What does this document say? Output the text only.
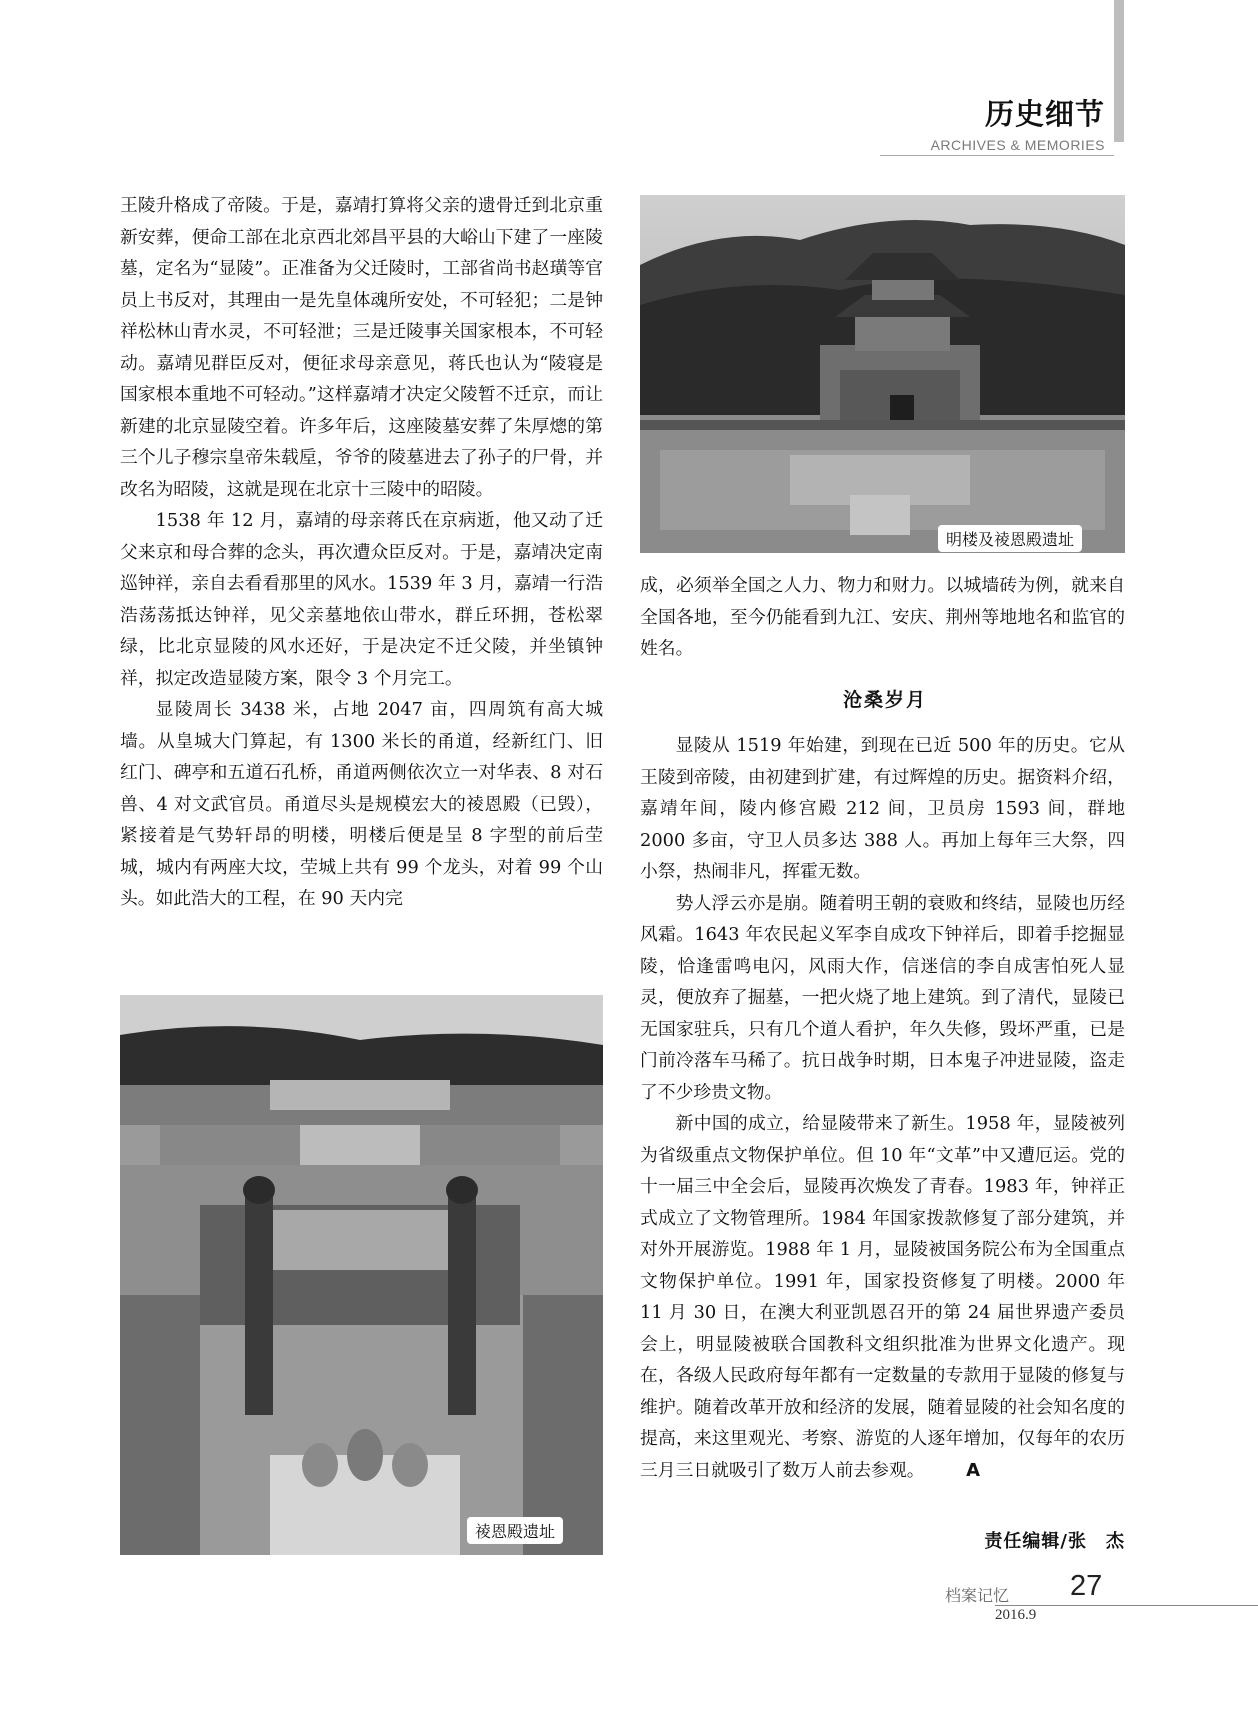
历史细节
ARCHIVES & MEMORIES

王陵升格成了帝陵。于是，嘉靖打算将父亲的遗骨迁到北京重新安葬，便命工部在北京西北郊昌平县的大峪山下建了一座陵墓，定名为“显陵”。正准备为父迁陵时，工部省尚书赵璜等官员上书反对，其理由一是先皇体魂所安处，不可轻犯；二是钟祥松林山青水灵，不可轻泄；三是迁陵事关国家根本，不可轻动。嘉靖见群臣反对，便征求母亲意见，蒋氏也认为“陵寝是国家根本重地不可轻动。”这样嘉靖才决定父陵暂不迁京，而让新建的北京显陵空着。许多年后，这座陵墓安葬了朱厚熜的第三个儿子穆宗皇帝朱载垕，爷爷的陵墓进去了孙子的尸骨，并改名为昭陵，这就是现在北京十三陵中的昭陵。

1538 年 12 月，嘉靖的母亲蒋氏在京病逝，他又动了迁父来京和母合葬的念头，再次遭众臣反对。于是，嘉靖决定南巡钟祥，亲自去看看那里的风水。1539 年 3 月，嘉靖一行浩浩荡荡抵达钟祥，见父亲墓地依山带水，群丘环拥，苍松翠绿，比北京显陵的风水还好，于是决定不迁父陵，并坐镇钟祥，拟定改造显陵方案，限令 3 个月完工。

显陵周长 3438 米，占地 2047 亩，四周筑有高大城墙。从皇城大门算起，有 1300 米长的甬道，经新红门、旧红门、碑亭和五道石孔桥，甬道两侧依次立一对华表、8 对石兽、4 对文武官员。甬道尽头是规模宏大的祾恩殿（已毁），紧接着是气势轩昂的明楼，明楼后便是呈 8 字型的前后茔城，城内有两座大坟，茔城上共有 99 个龙头，对着 99 个山头。如此浩大的工程，在 90 天内完

明楼及祾恩殿遗址

成，必须举全国之人力、物力和财力。以城墙砖为例，就来自全国各地，至今仍能看到九江、安庆、荆州等地地名和监官的姓名。

沧桑岁月

显陵从 1519 年始建，到现在已近 500 年的历史。它从王陵到帝陵，由初建到扩建，有过辉煌的历史。据资料介绍，嘉靖年间，陵内修宫殿 212 间，卫员房 1593 间，群地 2000 多亩，守卫人员多达 388 人。再加上每年三大祭，四小祭，热闹非凡，挥霍无数。

势人浮云亦是崩。随着明王朝的衰败和终结，显陵也历经风霜。1643 年农民起义军李自成攻下钟祥后，即着手挖掘显陵，恰逢雷鸣电闪，风雨大作，信迷信的李自成害怕死人显灵，便放弃了掘墓，一把火烧了地上建筑。到了清代，显陵已无国家驻兵，只有几个道人看护，年久失修，毁坏严重，已是门前冷落车马稀了。抗日战争时期，日本鬼子冲进显陵，盗走了不少珍贵文物。

新中国的成立，给显陵带来了新生。1958 年，显陵被列为省级重点文物保护单位。但 10 年“文革”中又遭厄运。党的十一届三中全会后，显陵再次焕发了青春。1983 年，钟祥正式成立了文物管理所。1984 年国家拨款修复了部分建筑，并对外开展游览。1988 年 1 月，显陵被国务院公布为全国重点文物保护单位。1991 年，国家投资修复了明楼。2000 年 11 月 30 日，在澳大利亚凯恩召开的第 24 届世界遗产委员会上，明显陵被联合国教科文组织批准为世界文化遗产。现在，各级人民政府每年都有一定数量的专款用于显陵的修复与维护。随着改革开放和经济的发展，随着显陵的社会知名度的提高，来这里观光、考察、游览的人逐年增加，仅每年的农历三月三日就吸引了数万人前去参观。 A

责任编辑/张　杰
祾恩殿遗址
档案记忆 27
2016.9
